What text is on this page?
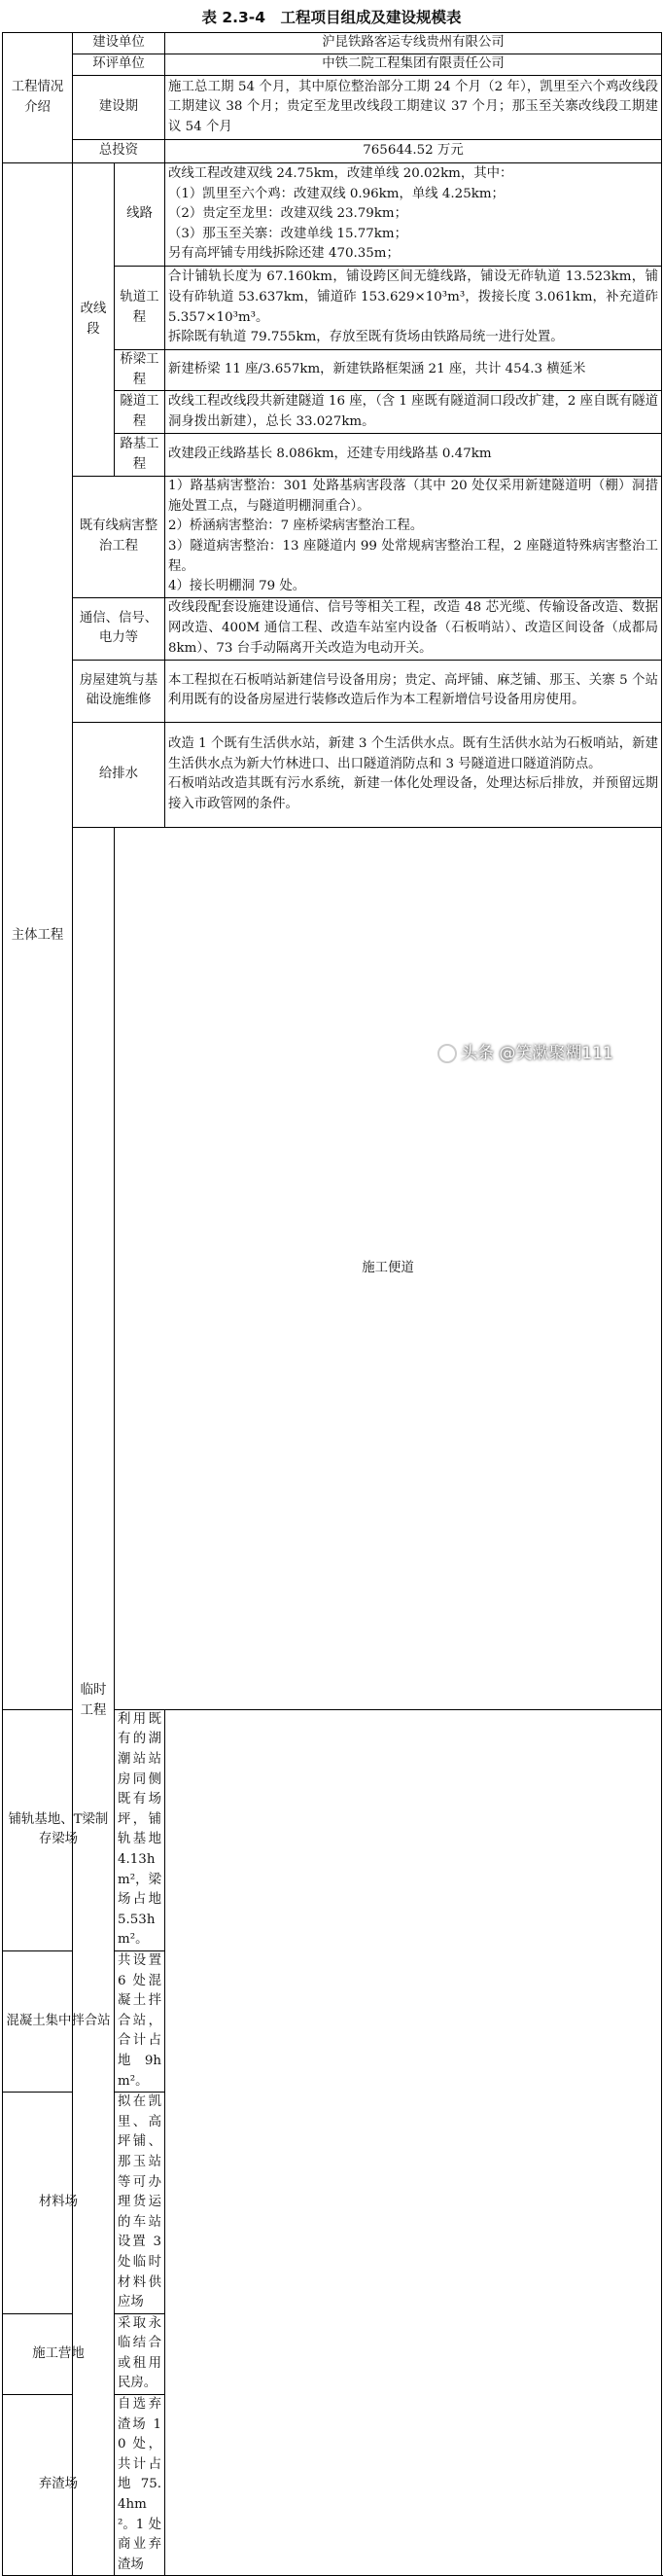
表 2.3-4　工程项目组成及建设规模表
工程情况介绍	建设单位		沪昆铁路客运专线贵州有限公司	
	环评单位		中铁二院工程集团有限责任公司	
	建设期		施工总工期 54 个月，其中原位整治部分工期 24 个月（2 年），凯里至六个鸡改线段工期建议 38 个月；贵定至龙里改线段工期建议 37 个月；那玉至关寨改线段工期建议 54 个月	
	总投资		765644.52 万元	
主体工程	改线段	线路	改线工程改建双线 24.75km，改建单线 20.02km，其中：
（1）凯里至六个鸡：改建双线 0.96km，单线 4.25km；
（2）贵定至龙里：改建双线 23.79km；
（3）那玉至关寨：改建单线 15.77km；
另有高坪铺专用线拆除还建 470.35m；	

		轨道工程	合计铺轨长度为 67.160km，铺设跨区间无缝线路，铺设无砟轨道 13.523km，铺设有砟轨道 53.637km，铺道砟 153.629×10³m³，拨接长度 3.061km，补充道砟 5.357×10³m³。
拆除既有轨道 79.755km，存放至既有货场由铁路局统一进行处置。	

		桥梁工程	新建桥梁 11 座/3.657km，新建铁路框架涵 21 座，共计 454.3 横延米	
		隧道工程	改线工程改线段共新建隧道 16 座，（含 1 座既有隧道洞口段改扩建，2 座自既有隧道洞身拨出新建），总长 33.027km。	
		路基工程	改建段正线路基长 8.086km，还建专用线路基 0.47km	
	既有线病害整治工程		1）路基病害整治：301 处路基病害段落（其中 20 处仅采用新建隧道明（棚）洞措施处置工点，与隧道明棚洞重合）。
2）桥涵病害整治：7 座桥梁病害整治工程。
3）隧道病害整治：13 座隧道内 99 处常规病害整治工程，2 座隧道特殊病害整治工程。
4）接长明棚洞 79 处。	

	通信、信号、电力等		改线段配套设施建设通信、信号等相关工程，改造 48 芯光缆、传输设备改造、数据网改造、400M 通信工程、改造车站室内设备（石板哨站）、改造区间设备（成都局 8km）、73 台手动隔离开关改造为电动开关。	
	房屋建筑与基础设施维修		本工程拟在石板哨站新建信号设备用房；贵定、高坪铺、麻芝铺、那玉、关寨 5 个站利用既有的设备房屋进行装修改造后作为本工程新增信号设备用房使用。	
	给排水		改造 1 个既有生活供水站，新建 3 个生活供水点。既有生活供水站为石板哨站，新建生活供水点为新大竹林进口、出口隧道消防点和 3 号隧道进口隧道消防点。
石板哨站改造其既有污水系统，新建一体化处理设备，处理达标后排放，并预留远期接入市政管网的条件。	

	临时工程	施工便道	
铺轨基地、T梁制存梁场		利用既有的湖潮站站房同侧既有场坪，铺轨基地 4.13hm²，梁场占地 5.53hm²。		
混凝土集中拌合站		共设置 6 处混凝土拌合站，合计占地 9hm²。		
材料场		拟在凯里、高坪铺、那玉站等可办理货运的车站设置 3 处临时材料供应场		
施工营地		采取永临结合或租用民房。		
弃渣场		自选弃渣场 10 处，共计占地 75.4hm²。1 处商业弃渣场		
头条 @笑漱聚糊111
